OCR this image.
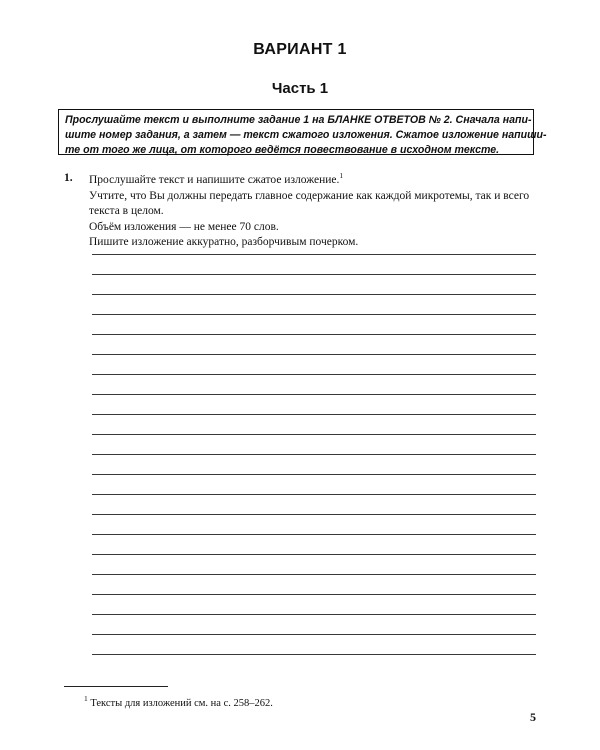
ВАРИАНТ 1
Часть 1
Прослушайте текст и выполните задание 1 на БЛАНКЕ ОТВЕТОВ № 2. Сначала напи-
шите номер задания, а затем — текст сжатого изложения. Сжатое изложение напиши-
те от того же лица, от которого ведётся повествование в исходном тексте.
1. Прослушайте текст и напишите сжатое изложение.$^1$
Учтите, что Вы должны передать главное содержание как каждой микротемы, так и всего
текста в целом.
Объём изложения — не менее 70 слов.
Пишите изложение аккуратно, разборчивым почерком.
$^1$ Тексты для изложений см. на с. 258–262.
5
